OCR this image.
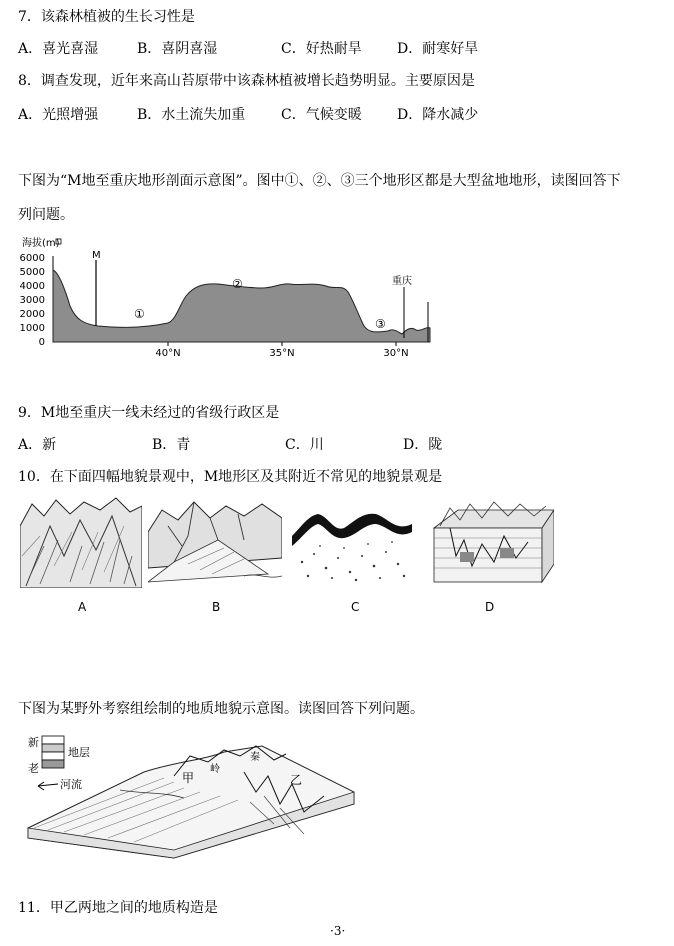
7．该森林植被的生长习性是
A．喜光喜湿	B．喜阴喜湿	C．好热耐旱	D．耐寒好旱
8．调查发现，近年来高山苔原带中该森林植被增长趋势明显。主要原因是
A．光照增强	B．水土流失加重	C．气候变暖	D．降水减少
下图为“M地至重庆地形剖面示意图”。图中①、②、③三个地形区都是大型盆地地形，读图回答下
列问题。
海拔(m)
6000
5000
4000
3000
2000
1000
0
M
重庆
①
②
③
40°N	35°N	30°N
9．M地至重庆一线未经过的省级行政区是
A．新	B．青	C．川	D．陇
10．在下面四幅地貌景观中，M地形区及其附近不常见的地貌景观是
A	B	C	D
下图为某野外考察组绘制的地质地貌示意图。读图回答下列问题。
新
老
地层
河流	甲	乙
岭
秦
11．甲乙两地之间的地质构造是
·3·
